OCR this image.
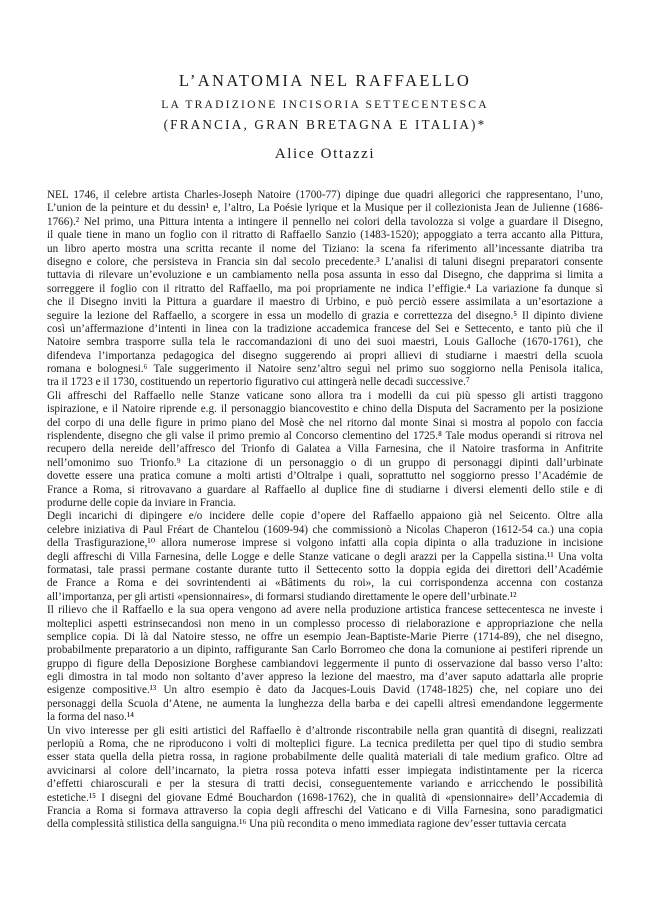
L’ANATOMIA NEL RAFFAELLO
LA TRADIZIONE INCISORIA SETTECENTESCA
(FRANCIA, GRAN BRETAGNA E ITALIA)*
Alice Ottazzi
NEL 1746, il celebre artista Charles-Joseph Natoire (1700-77) dipinge due quadri allegorici che rappresentano, l’uno,
L’union de la peinture et du dessin¹ e, l’altro, La Poésie lyrique et la Musique per il collezionista Jean de Julienne (1686-
1766).² Nel primo, una Pittura intenta a intingere il pennello nei colori della tavolozza si volge a guardare il Disegno,
il quale tiene in mano un foglio con il ritratto di Raffaello Sanzio (1483-1520); appoggiato a terra accanto alla Pittura,
un libro aperto mostra una scritta recante il nome del Tiziano: la scena fa riferimento all’incessante diatriba tra
disegno e colore, che persisteva in Francia sin dal secolo precedente.³ L’analisi di taluni disegni preparatori consente
tuttavia di rilevare un’evoluzione e un cambiamento nella posa assunta in esso dal Disegno, che dapprima si limita a
sorreggere il foglio con il ritratto del Raffaello, ma poi propriamente ne indica l’effigie.⁴ La variazione fa dunque sì
che il Disegno inviti la Pittura a guardare il maestro di Urbino, e può perciò essere assimilata a un’esortazione a
seguire la lezione del Raffaello, a scorgere in essa un modello di grazia e correttezza del disegno.⁵ Il dipinto diviene
così un’affermazione d’intenti in linea con la tradizione accademica francese del Sei e Settecento, e tanto più che il
Natoire sembra trasporre sulla tela le raccomandazioni di uno dei suoi maestri, Louis Galloche (1670-1761), che
difendeva l’importanza pedagogica del disegno suggerendo ai propri allievi di studiarne i maestri della scuola
romana e bolognesi.⁶ Tale suggerimento il Natoire senz’altro seguì nel primo suo soggiorno nella Penisola italica,
tra il 1723 e il 1730, costituendo un repertorio figurativo cui attingerà nelle decadi successive.⁷
Gli affreschi del Raffaello nelle Stanze vaticane sono allora tra i modelli da cui più spesso gli artisti traggono
ispirazione, e il Natoire riprende e.g. il personaggio biancovestito e chino della Disputa del Sacramento per la posizione
del corpo di una delle figure in primo piano del Mosè che nel ritorno dal monte Sinai si mostra al popolo con faccia
risplendente, disegno che gli valse il primo premio al Concorso clementino del 1725.⁸ Tale modus operandi si ritrova nel
recupero della nereide dell’affresco del Trionfo di Galatea a Villa Farnesina, che il Natoire trasforma in Anfitrite
nell’omonimo suo Trionfo.⁹ La citazione di un personaggio o di un gruppo di personaggi dipinti dall’urbinate
dovette essere una pratica comune a molti artisti d’Oltralpe i quali, soprattutto nel soggiorno presso l’Académie de
France a Roma, si ritrovavano a guardare al Raffaello al duplice fine di studiarne i diversi elementi dello stile e di
produrne delle copie da inviare in Francia.
Degli incarichi di dipingere e/o incidere delle copie d’opere del Raffaello appaiono già nel Seicento. Oltre alla
celebre iniziativa di Paul Fréart de Chantelou (1609-94) che commissionò a Nicolas Chaperon (1612-54 ca.) una copia
della Trasfigurazione,¹⁰ allora numerose imprese si volgono infatti alla copia dipinta o alla traduzione in incisione
degli affreschi di Villa Farnesina, delle Logge e delle Stanze vaticane o degli arazzi per la Cappella sistina.¹¹ Una volta
formatasi, tale prassi permane costante durante tutto il Settecento sotto la doppia egida dei direttori dell’Académie
de France a Roma e dei sovrintendenti ai «Bâtiments du roi», la cui corrispondenza accenna con costanza
all’importanza, per gli artisti «pensionnaires», di formarsi studiando direttamente le opere dell’urbinate.¹²
Il rilievo che il Raffaello e la sua opera vengono ad avere nella produzione artistica francese settecentesca ne investe i
molteplici aspetti estrinsecandosi non meno in un complesso processo di rielaborazione e appropriazione che nella
semplice copia. Di là dal Natoire stesso, ne offre un esempio Jean-Baptiste-Marie Pierre (1714-89), che nel disegno,
probabilmente preparatorio a un dipinto, raffigurante San Carlo Borromeo che dona la comunione ai pestiferi riprende un
gruppo di figure della Deposizione Borghese cambiandovi leggermente il punto di osservazione dal basso verso l’alto:
egli dimostra in tal modo non soltanto d’aver appreso la lezione del maestro, ma d’aver saputo adattarla alle proprie
esigenze compositive.¹³ Un altro esempio è dato da Jacques-Louis David (1748-1825) che, nel copiare uno dei
personaggi della Scuola d’Atene, ne aumenta la lunghezza della barba e dei capelli altresì emendandone leggermente
la forma del naso.¹⁴
Un vivo interesse per gli esiti artistici del Raffaello è d’altronde riscontrabile nella gran quantità di disegni, realizzati
perlopiù a Roma, che ne riproducono i volti di molteplici figure. La tecnica prediletta per quel tipo di studio sembra
esser stata quella della pietra rossa, in ragione probabilmente delle qualità materiali di tale medium grafico. Oltre ad
avvicinarsi al colore dell’incarnato, la pietra rossa poteva infatti esser impiegata indistintamente per la ricerca
d’effetti chiaroscurali e per la stesura di tratti decisi, conseguentemente variando e arricchendo le possibilità
estetiche.¹⁵ I disegni del giovane Edmé Bouchardon (1698-1762), che in qualità di «pensionnaire» dell’Accademia di
Francia a Roma si formava attraverso la copia degli affreschi del Vaticano e di Villa Farnesina, sono paradigmatici
della complessità stilistica della sanguigna.¹⁶ Una più recondita o meno immediata ragione dev’esser tuttavia cercata
